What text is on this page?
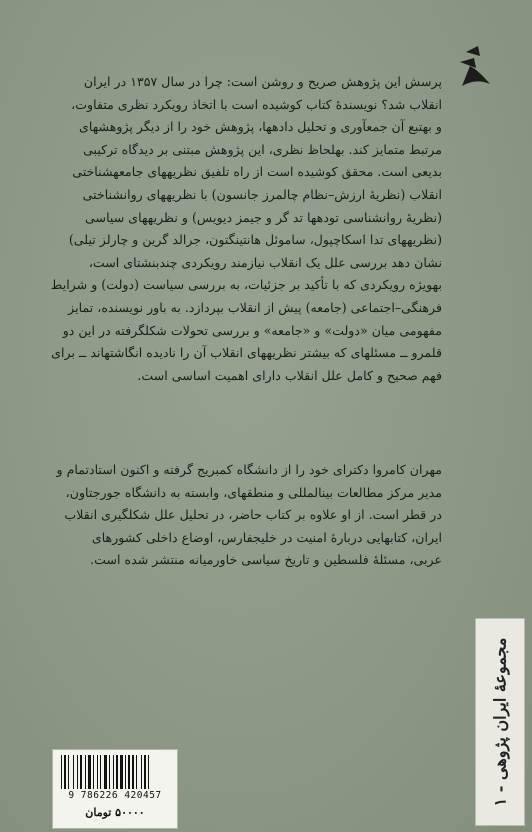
پرسش این پژوهش صریح و روشن است: چرا در سال ۱۳۵۷ در ایران
انقلاب شد؟ نویسندهٔ کتاب کوشیده است با اتخاذ رویکرد نظری متفاوت،
و بهتبع آن جمعآوری و تحلیل دادهها، پژوهش خود را از دیگر پژوهشهای
مرتبط متمایز کند. بهلحاظ نظری، این پژوهش مبتنی بر دیدگاه ترکیبی
بدیعی است. محقق کوشیده است از راه تلفیق نظریههای جامعهشناختی
انقلاب (نظریهٔ ارزش–نظام چالمرز جانسون) با نظریههای روانشناختی
(نظریهٔ روانشناسی تودهها تد گر و جیمز دیویس) و نظریههای سیاسی
(نظریههای تدا اسکاچپول، ساموئل هانتینگتون، جرالد گرین و چارلز تیلی)
نشان دهد بررسی علل یک انقلاب نیازمند رویکردی چندبنشتای است،
بهویژه رویکردی که با تأکید بر جزئیات، به بررسی سیاست (دولت) و شرایط
فرهنگی–اجتماعی (جامعه) پیش از انقلاب بپردازد. به باور نویسنده، تمایز
مفهومی میان «دولت» و «جامعه» و بررسی تحولات شکلگرفته در این دو
قلمرو ــ مسئلهای که بیشتر نظریههای انقلاب آن را نادیده انگاشتهاند ــ برای
فهم صحیح و کامل علل انقلاب دارای اهمیت اساسی است.
مهران کامروا دکترای خود را از دانشگاه کمبریج گرفته و اکنون استادتمام و
مدیر مرکز مطالعات بینالمللی و منطقهای، وابسته به دانشگاه جورجتاون،
در قطر است. از او علاوه بر کتاب حاضر، در تحلیل علل شکلگیری انقلاب
ایران، کتابهایی دربارهٔ امنیت در خلیجفارس، اوضاع داخلی کشورهای
عربی، مسئلهٔ فلسطین و تاریخ سیاسی خاورمیانه منتشر شده است.
مجموعهٔ ایران پژوهی - ۱
9 786226 420457
۵۰۰۰۰ تومان
